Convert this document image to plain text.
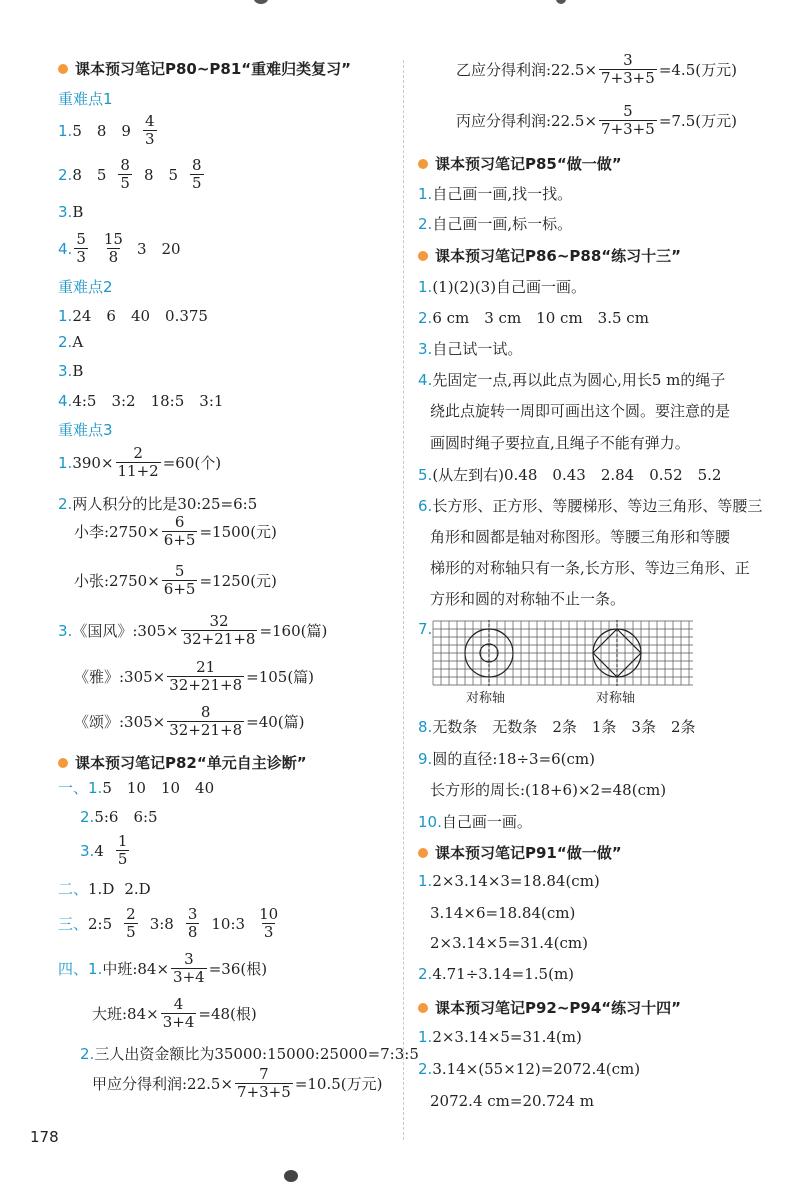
课本预习笔记P80~P81“重难归类复习”
重难点1
1. 5　8　$9 \frac{4}{3}$
2. 8　$5 \frac{8}{5} 8$　$5 \frac{8}{5}$
3. B
4. $\frac{5}{3} \frac{15}{8} 3$　20
重难点2
1. 24　6　40　0.375
2. A
3. B
4. 4:5　3:2　18:5　3:1
重难点3
1. $390\times \frac{2}{11+2} =60$(个)
2. 两人积分的比是30:25=6:5
小李:2750× $\frac{6}{6+5} =1500$(元)
小张:2750× $\frac{5}{6+5} =1250$(元)
3. 《国风》:305× $\frac{32}{32+21+8} =160$(篇)
《雅》:305× $\frac{21}{32+21+8} =105$(篇)
《颂》:305× $\frac{8}{32+21+8} =40$(篇)
课本预习笔记P82“单元自主诊断”
一、 1. 5　10　10　40
2. 5:6　6:5
3. $4 \frac{1}{5}$
二、 1.D 2.D
三、 2:5 $\frac{2}{5}$ 3:8 $\frac{3}{8}$ 10:3 $\frac{10}{3}$
四、 1. 中班:84× $\frac{3}{3+4} =36$(根)
大班:84× $\frac{4}{3+4} =48$(根)
2. 三人出资金额比为35000:15000:25000=7:3:5
甲应分得利润:22.5× $\frac{7}{7+3+5} =10.5$(万元)
乙应分得利润:22.5× $\frac{3}{7+3+5} =4.5$(万元)
丙应分得利润:22.5× $\frac{5}{7+3+5} =7.5$(万元)
课本预习笔记P85“做一做”
1. 自己画一画,找一找。
2. 自己画一画,标一标。
课本预习笔记P86~P88“练习十三”
1. (1)(2)(3)自己画一画。
2. 6 cm　3 cm　10 cm　3.5 cm
3. 自己试一试。
4. 先固定一点,再以此点为圆心,用长5 m的绳子
绕此点旋转一周即可画出这个圆。要注意的是
画圆时绳子要拉直,且绳子不能有弹力。
5. (从左到右)0.48　0.43　2.84　0.52　5.2
6. 长方形、正方形、等腰梯形、等边三角形、等腰三
角形和圆都是轴对称图形。等腰三角形和等腰
梯形的对称轴只有一条,长方形、等边三角形、正
方形和圆的对称轴不止一条。
7.
对称轴	对称轴
8. 无数条　无数条　2条　1条　3条　2条
9. 圆的直径:18÷3=6(cm)
长方形的周长:(18+6)×2=48(cm)
10. 自己画一画。
课本预习笔记P91“做一做”
1. 2×3.14×3=18.84(cm)
3.14×6=18.84(cm)
2×3.14×5=31.4(cm)
2. 4.71÷3.14=1.5(m)
课本预习笔记P92~P94“练习十四”
1. 2×3.14×5=31.4(m)
2. 3.14×(55×12)=2072.4(cm)
2072.4 cm=20.724 m
178
